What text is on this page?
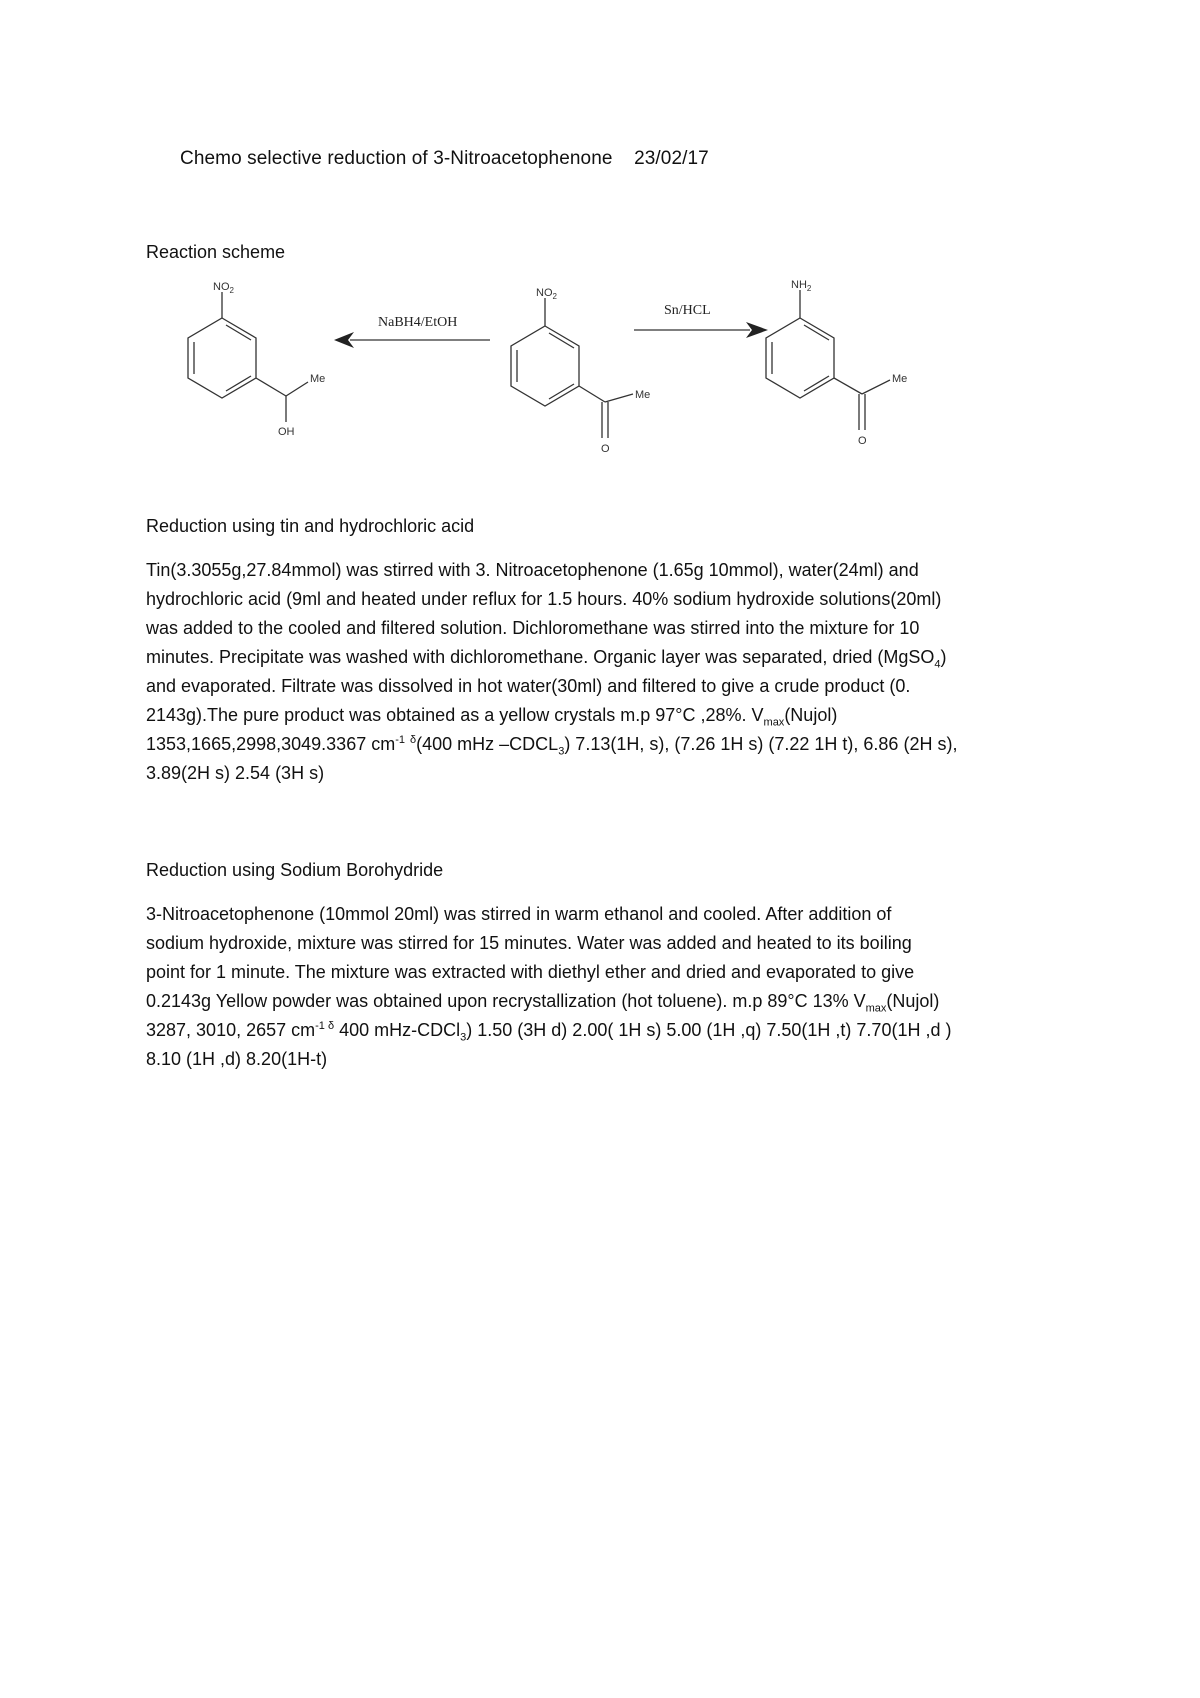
Chemo selective reduction of 3-Nitroacetophenone    23/02/17
Reaction scheme
NaBH4/EtOH
Sn/HCL
$NO_2$
Me
OH
$NO_2$
Me
O
$NH_2$
Me
O
Reduction using tin and hydrochloric acid
Tin(3.3055g,27.84mmol) was stirred with 3. Nitroacetophenone (1.65g 10mmol), water(24ml) and
hydrochloric acid (9ml and heated under reflux for 1.5 hours. 40% sodium hydroxide solutions(20ml)
was added to the cooled and filtered solution. Dichloromethane was stirred into the mixture for 10
minutes. Precipitate was washed with dichloromethane. Organic layer was separated, dried (MgSO$_4$)
and evaporated. Filtrate was dissolved in hot water(30ml) and filtered to give a crude product (0.
2143g).The pure product was obtained as a yellow crystals m.p 97°C ,28%. $V_{max}(Nujol)$
1353,1665,2998,3049.3367 $cm^{-1}$ $^\delta$(400 mHz $-CDCL_3$) 7.13(1H, s), (7.26 1H s) (7.22 1H t), 6.86 (2H s),
3.89(2H s) 2.54 (3H s)
Reduction using Sodium Borohydride
3-Nitroacetophenone (10mmol 20ml) was stirred in warm ethanol and cooled. After addition of
sodium hydroxide, mixture was stirred for 15 minutes. Water was added and heated to its boiling
point for 1 minute. The mixture was extracted with diethyl ether and dried and evaporated to give
0.2143g Yellow powder was obtained upon recrystallization (hot toluene). m.p 89°C 13% $V_{max}(Nujol)$
3287, 3010, 2657 $cm^{-1 \delta}$ 400 mHz-CDCl$_3$) 1.50 (3H d) 2.00( 1H s) 5.00 (1H ,q) 7.50(1H ,t) 7.70(1H ,d )
8.10 (1H ,d) 8.20(1H-t)
